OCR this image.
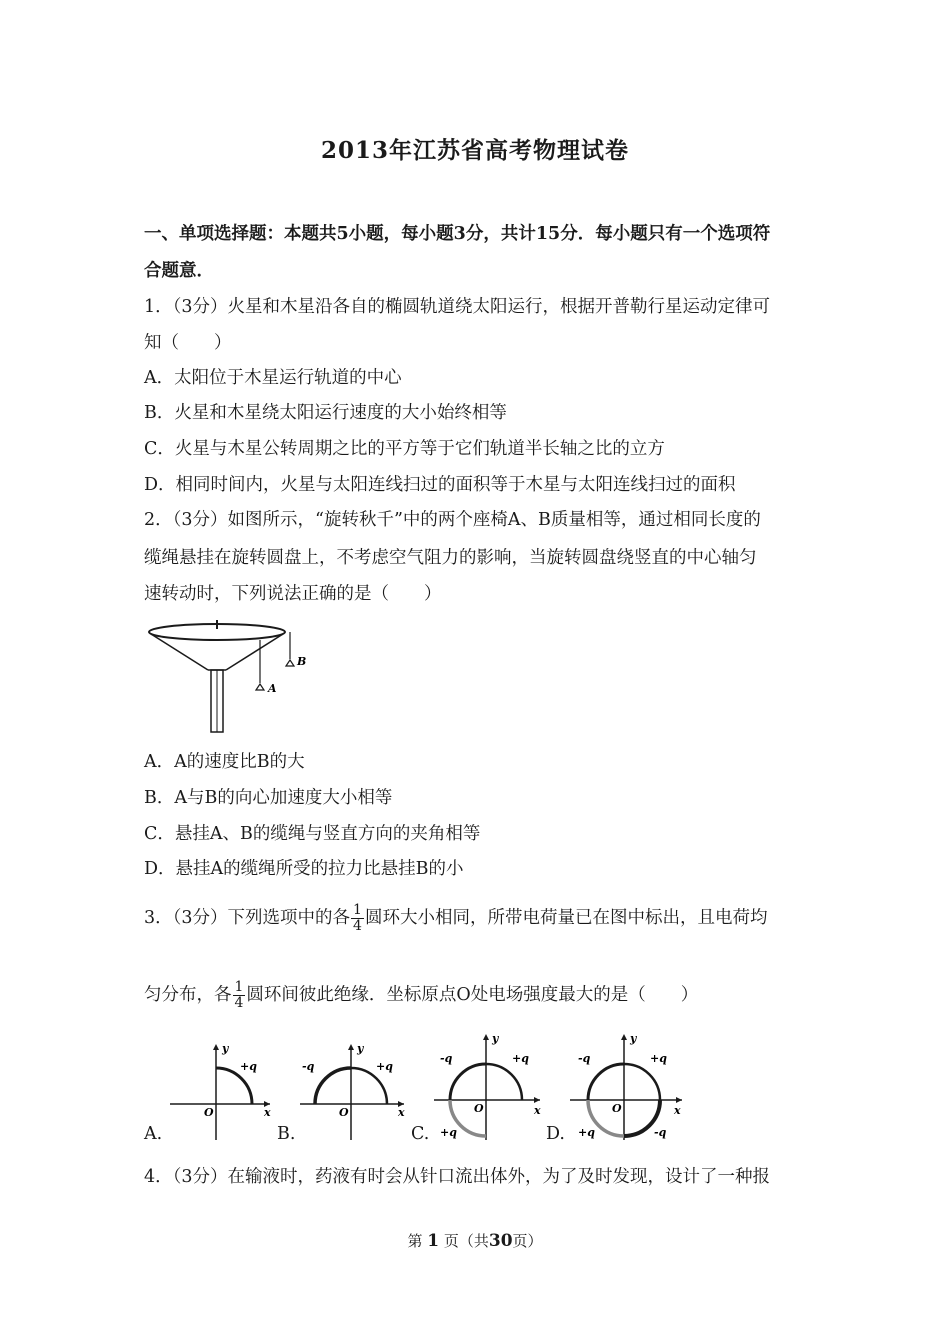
2013年江苏省高考物理试卷
一、单项选择题：本题共5小题，每小题3分，共计15分．每小题只有一个选项符
合题意．
1．（3分）火星和木星沿各自的椭圆轨道绕太阳运行，根据开普勒行星运动定律可
知（　　）
A．太阳位于木星运行轨道的中心
B．火星和木星绕太阳运行速度的大小始终相等
C．火星与木星公转周期之比的平方等于它们轨道半长轴之比的立方
D．相同时间内，火星与太阳连线扫过的面积等于木星与太阳连线扫过的面积
2．（3分）如图所示，“旋转秋千”中的两个座椅A、B质量相等，通过相同长度的
缆绳悬挂在旋转圆盘上，不考虑空气阻力的影响，当旋转圆盘绕竖直的中心轴匀
速转动时，下列说法正确的是（　　）
A
B
A．A的速度比B的大
B．A与B的向心加速度大小相等
C．悬挂A、B的缆绳与竖直方向的夹角相等
D．悬挂A的缆绳所受的拉力比悬挂B的小
3．（3分）下列选项中的各 $\frac{1}{4}$ 圆环大小相同，所带电荷量已在图中标出，且电荷均
匀分布，各 $\frac{1}{4}$ 圆环间彼此绝缘．坐标原点O处电场强度最大的是（　　）
A.	B.	C.	D.
y
x
O
+q
y
x
O
-q	+q
y
x
O
-q	+q
+q
y
x
O
-q	+q
+q	-q
4．（3分）在输液时，药液有时会从针口流出体外，为了及时发现，设计了一种报
第 1 页（共30页）
